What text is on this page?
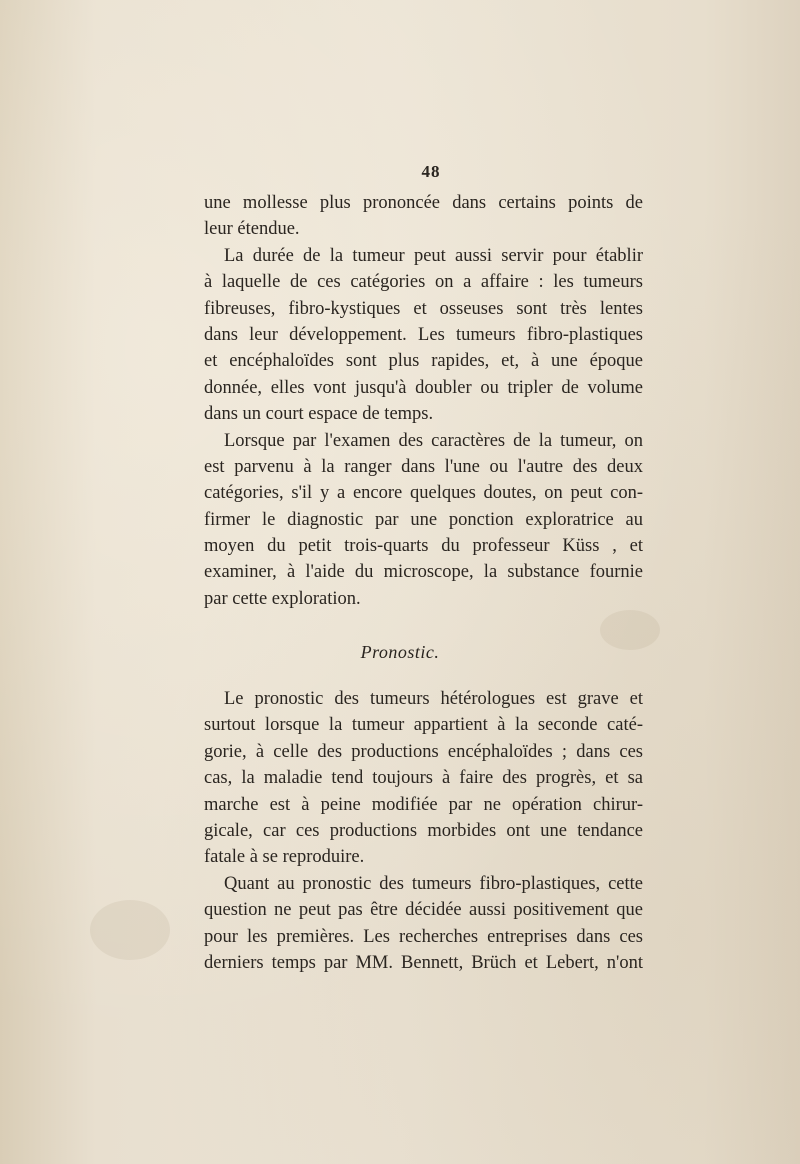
48
une mollesse plus prononcée dans certains points de
leur étendue.
La durée de la tumeur peut aussi servir pour établir
à laquelle de ces catégories on a affaire : les tumeurs
fibreuses, fibro-kystiques et osseuses sont très lentes
dans leur développement. Les tumeurs fibro-plastiques
et encéphaloïdes sont plus rapides, et, à une époque
donnée, elles vont jusqu'à doubler ou tripler de volume
dans un court espace de temps.
Lorsque par l'examen des caractères de la tumeur, on
est parvenu à la ranger dans l'une ou l'autre des deux
catégories, s'il y a encore quelques doutes, on peut con-
firmer le diagnostic par une ponction exploratrice au
moyen du petit trois-quarts du professeur Küss , et
examiner, à l'aide du microscope, la substance fournie
par cette exploration.
Pronostic.
Le pronostic des tumeurs hétérologues est grave et
surtout lorsque la tumeur appartient à la seconde caté-
gorie, à celle des productions encéphaloïdes ; dans ces
cas, la maladie tend toujours à faire des progrès, et sa
marche est à peine modifiée par ne opération chirur-
gicale, car ces productions morbides ont une tendance
fatale à se reproduire.
Quant au pronostic des tumeurs fibro-plastiques, cette
question ne peut pas être décidée aussi positivement que
pour les premières. Les recherches entreprises dans ces
derniers temps par MM. Bennett, Brüch et Lebert, n'ont
